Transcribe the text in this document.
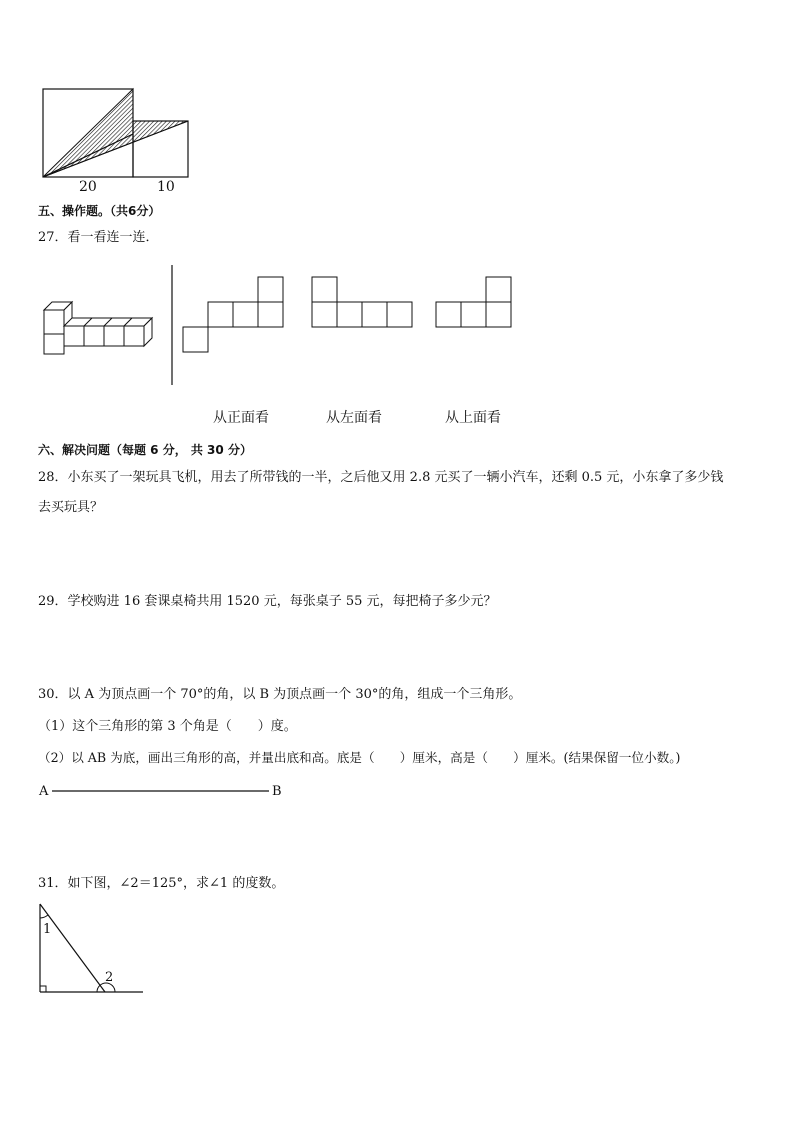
20	10
五、操作题。（共6分）
27．看一看连一连．
从正面看	从左面看	从上面看
六、解决问题（每题 6 分， 共 30 分）
28．小东买了一架玩具飞机，用去了所带钱的一半，之后他又用 2.8 元买了一辆小汽车，还剩 0.5 元，小东拿了多少钱
去买玩具？
29．学校购进 16 套课桌椅共用 1520 元，每张桌子 55 元，每把椅子多少元？
30．以 A 为顶点画一个 70°的角，以 B 为顶点画一个 30°的角，组成一个三角形。
（1）这个三角形的第 3 个角是（　　）度。
（2）以 AB 为底，画出三角形的高，并量出底和高。底是（　　）厘米，高是（　　）厘米。(结果保留一位小数。)
A	B
31．如下图，∠2＝125°，求∠1 的度数。
1
2
